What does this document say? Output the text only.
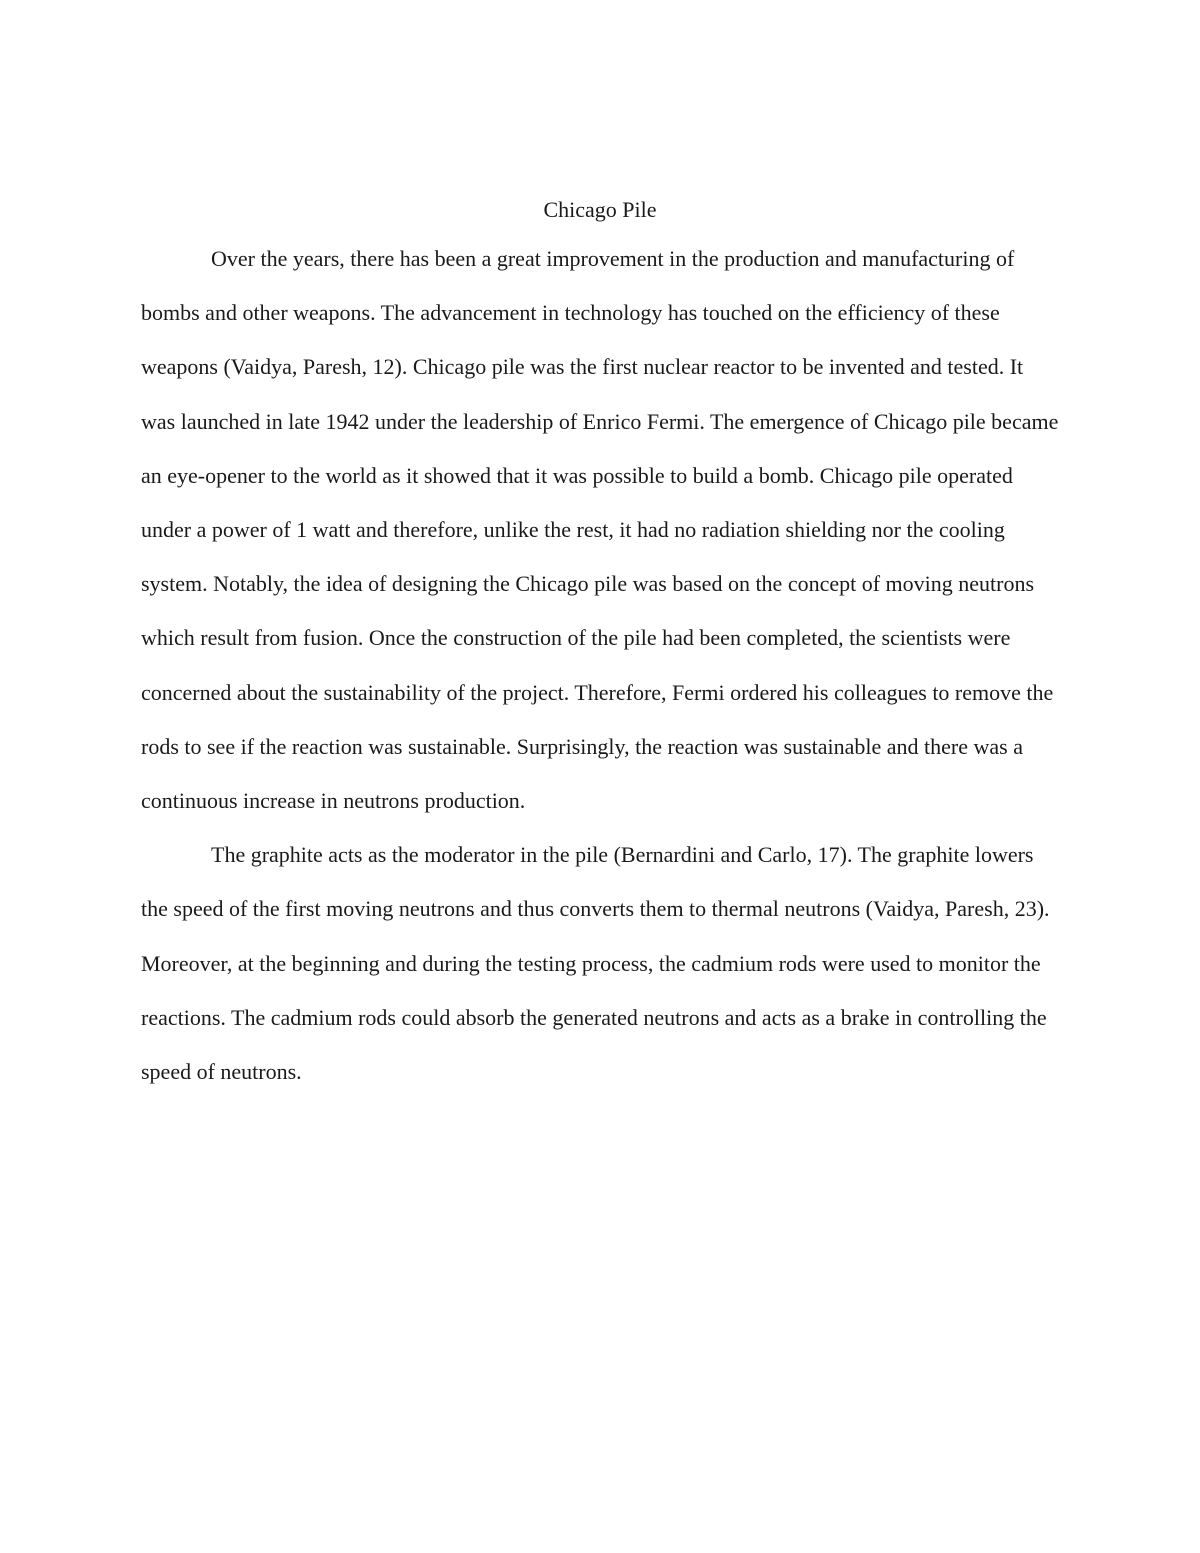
Chicago Pile

Over the years, there has been a great improvement in the production and manufacturing of bombs and other weapons. The advancement in technology has touched on the efficiency of these weapons (Vaidya, Paresh, 12). Chicago pile was the first nuclear reactor to be invented and tested. It was launched in late 1942 under the leadership of Enrico Fermi. The emergence of Chicago pile became an eye-opener to the world as it showed that it was possible to build a bomb. Chicago pile operated under a power of 1 watt and therefore, unlike the rest, it had no radiation shielding nor the cooling system. Notably, the idea of designing the Chicago pile was based on the concept of moving neutrons which result from fusion. Once the construction of the pile had been completed, the scientists were concerned about the sustainability of the project. Therefore, Fermi ordered his colleagues to remove the rods to see if the reaction was sustainable. Surprisingly, the reaction was sustainable and there was a continuous increase in neutrons production.

The graphite acts as the moderator in the pile (Bernardini and Carlo, 17). The graphite lowers the speed of the first moving neutrons and thus converts them to thermal neutrons (Vaidya, Paresh, 23). Moreover, at the beginning and during the testing process, the cadmium rods were used to monitor the reactions. The cadmium rods could absorb the generated neutrons and acts as a brake in controlling the speed of neutrons.
